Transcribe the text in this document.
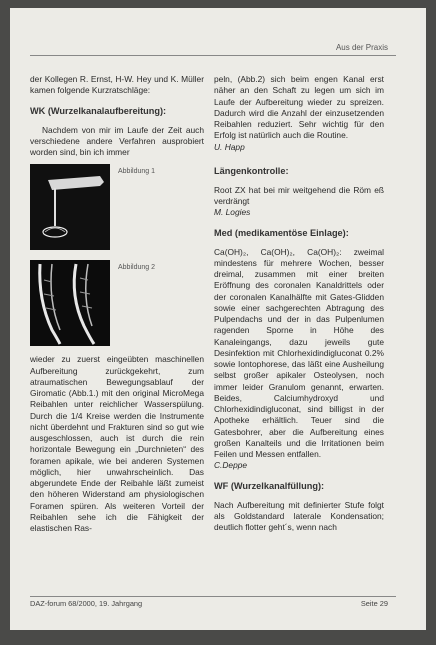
Aus der Praxis

der Kollegen R. Ernst, H-W. Hey und K. Müller kamen folgende Kurzratschläge:

WK (Wurzelkanalaufbereitung):

Nachdem von mir im Laufe der Zeit auch verschiedene andere Verfahren ausprobiert worden sind, bin ich immer

Abbildung 1
Abbildung 2

wieder zu zuerst eingeübten maschinellen Aufbereitung zurückgekehrt, zum atraumatischen Bewegungsablauf der Giromatic (Abb.1.) mit den original MicroMega Reibahlen unter reichlicher Wasserspülung. Durch die 1/4 Kreise werden die Instrumente nicht überdehnt und Frakturen sind so gut wie ausgeschlossen, auch ist durch die rein horizontale Bewegung ein „Durchnieten“ des foramen apikale, wie bei anderen Systemen möglich, hier unwahrscheinlich. Das abgerundete Ende der Reibahle läßt zumeist den höheren Widerstand am physiologischen Foramen spüren. Als weiteren Vorteil der Reibahlen sehe ich die Fähigkeit der elastischen Ras-

peln, (Abb.2) sich beim engen Kanal erst näher an den Schaft zu legen um sich im Laufe der Aufbereitung wieder zu spreizen. Dadurch wird die Anzahl der einzusetzenden Reibahlen reduziert. Sehr wichtig für den Erfolg ist natürlich auch die Routine.

U. Happ

Längenkontrolle:

Root ZX hat bei mir weitgehend die Röm eß verdrängt

M. Logies

Med (medikamentöse Einlage):

Ca(OH)₂, Ca(OH)₂, Ca(OH)₂: zweimal mindestens für mehrere Wochen, besser dreimal, zusammen mit einer breiten Eröffnung des coronalen Kanaldrittels oder der coronalen Kanalhälfte mit Gates-Glidden sowie einer sachgerechten Abtragung des Pulpendachs und der in das Pulpenlumen ragenden Sporne in Höhe des Kanaleingangs, dazu jeweils gute Desinfektion mit Chlorhexidindigluconat 0.2% sowie Iontophorese, das läßt eine Ausheilung selbst großer apikaler Osteolysen, noch immer leider Granulom genannt, erwarten. Beides, Calciumhydroxyd und Chlorhexidindigluconat, sind billigst in der Apotheke erhältlich. Teuer sind die Gatesbohrer, aber die Aufbereitung eines großen Kanalteils und die Irritationen beim Feilen und Messen entfallen.

C.Deppe

WF (Wurzelkanalfüllung):

Nach Aufbereitung mit definierter Stufe folgt als Goldstandard laterale Kondensation; deutlich flotter geht´s, wenn nach

DAZ-forum 68/2000, 19. Jahrgang	Seite 29
